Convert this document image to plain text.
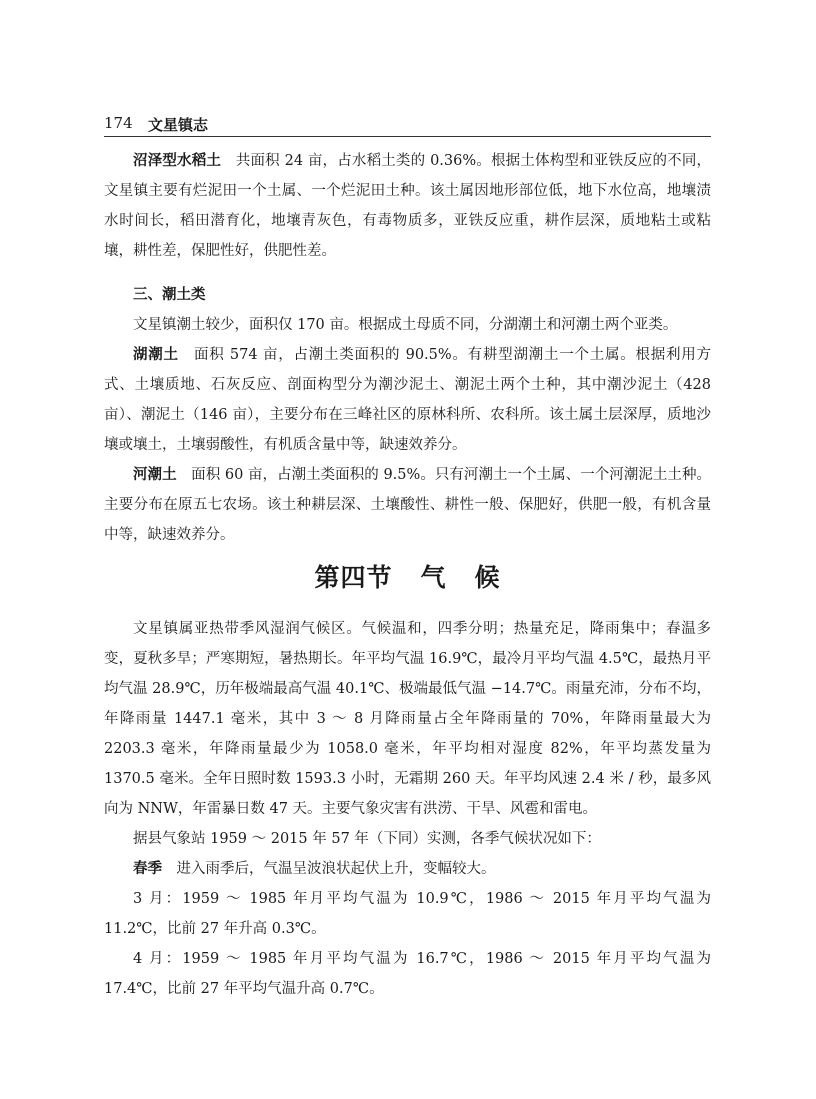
174 文星镇志

沼泽型水稻土　 共面积 24 亩，占水稻土类的 0.36%。根据土体构型和亚铁反应的不同，文星镇主要有烂泥田一个土属、一个烂泥田土种。该土属因地形部位低，地下水位高，地壤渍水时间长，稻田潜育化，地壤青灰色，有毒物质多，亚铁反应重，耕作层深，质地粘土或粘壤，耕性差，保肥性好，供肥性差。

三、潮土类

文星镇潮土较少，面积仅 170 亩。根据成土母质不同，分湖潮土和河潮土两个亚类。

湖潮土　 面积 574 亩，占潮土类面积的 90.5%。有耕型湖潮土一个土属。根据利用方式、土壤质地、石灰反应、剖面构型分为潮沙泥土、潮泥土两个土种，其中潮沙泥土（428 亩）、潮泥土（146 亩），主要分布在三峰社区的原林科所、农科所。该土属土层深厚，质地沙壤或壤土，土壤弱酸性，有机质含量中等，缺速效养分。

河潮土　 面积 60 亩，占潮土类面积的 9.5%。只有河潮土一个土属、一个河潮泥土土种。主要分布在原五七农场。该土种耕层深、土壤酸性、耕性一般、保肥好，供肥一般，有机含量中等，缺速效养分。

第四节 气 候

文星镇属亚热带季风湿润气候区。气候温和，四季分明；热量充足，降雨集中；春温多变，夏秋多旱；严寒期短，暑热期长。年平均气温 16.9℃，最冷月平均气温 4.5℃，最热月平均气温 28.9℃，历年极端最高气温 40.1℃、极端最低气温 −14.7℃。雨量充沛，分布不均，年降雨量 1447.1 毫米，其中 3 ～ 8 月降雨量占全年降雨量的 70%，年降雨量最大为 2203.3 毫米，年降雨量最少为 1058.0 毫米，年平均相对湿度 82%，年平均蒸发量为 1370.5 毫米。全年日照时数 1593.3 小时，无霜期 260 天。年平均风速 2.4 米 / 秒，最多风向为 NNW，年雷暴日数 47 天。主要气象灾害有洪涝、干旱、风雹和雷电。

据县气象站 1959 ～ 2015 年 57 年（下同）实测，各季气候状况如下：

春季　 进入雨季后，气温呈波浪状起伏上升，变幅较大。

3 月：1959 ～ 1985 年月平均气温为 10.9℃，1986 ～ 2015 年月平均气温为 11.2℃，比前 27 年升高 0.3℃。

4 月：1959 ～ 1985 年月平均气温为 16.7℃，1986 ～ 2015 年月平均气温为 17.4℃，比前 27 年平均气温升高 0.7℃。
